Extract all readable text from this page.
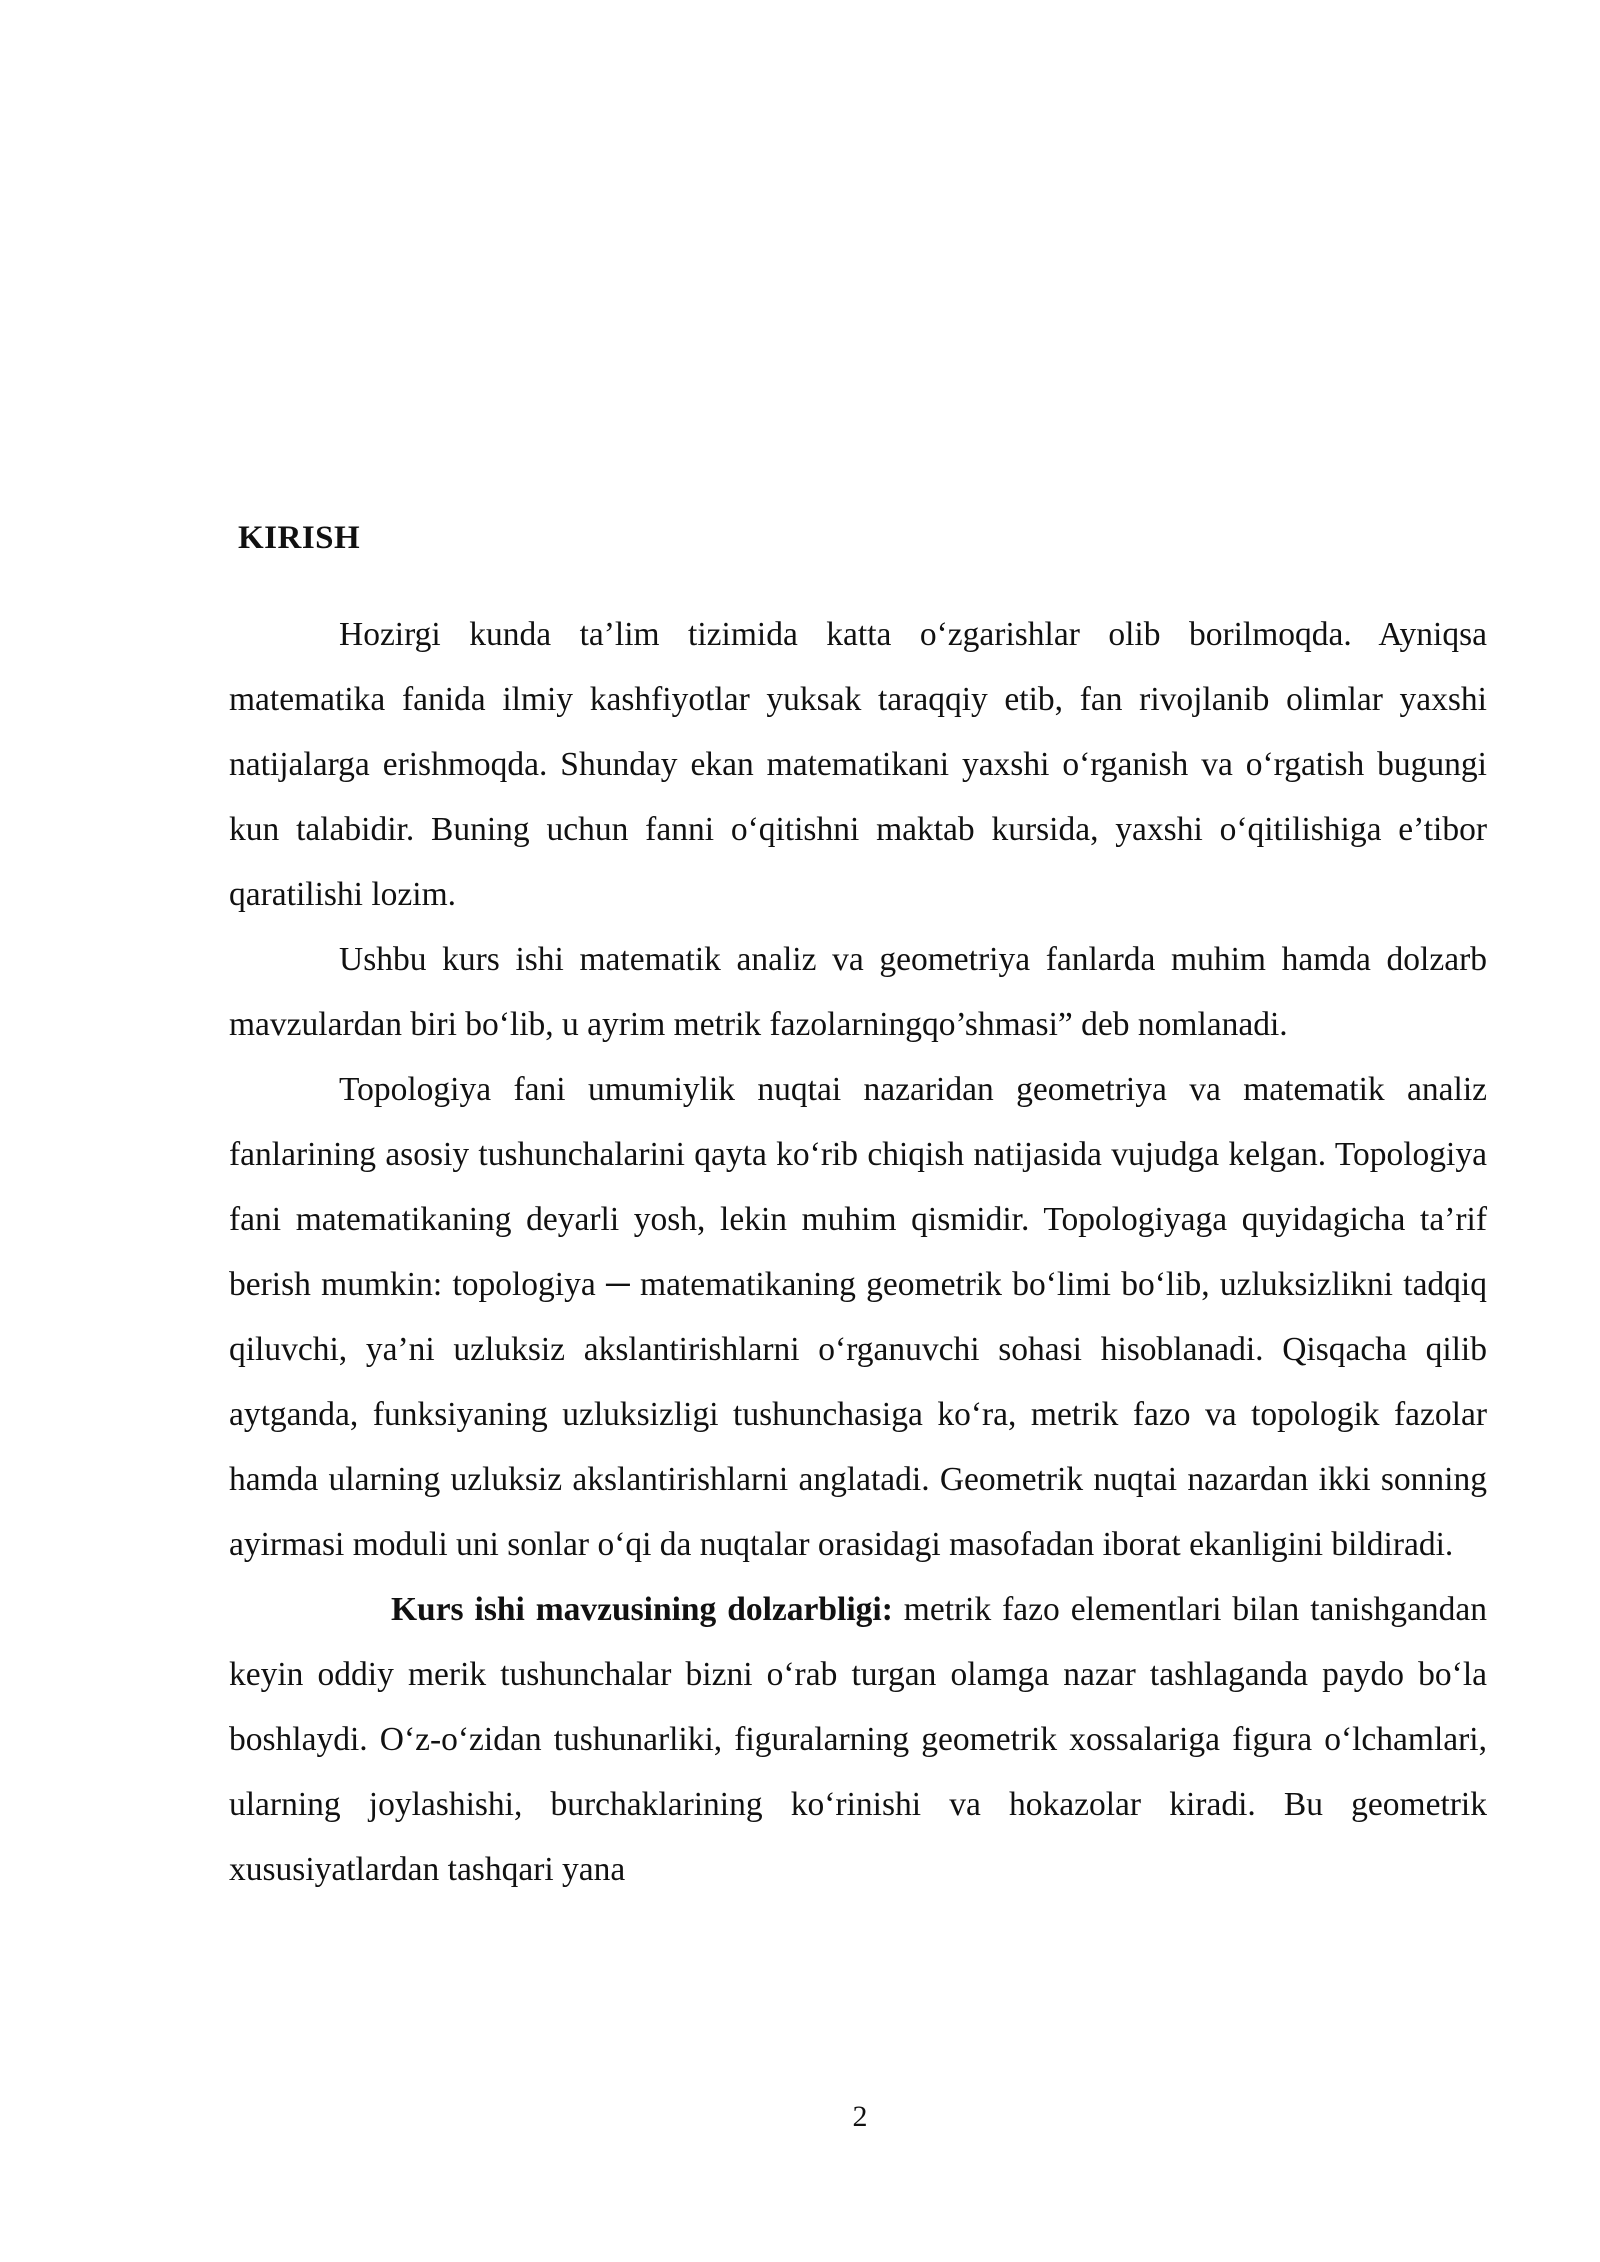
KIRISH

Hozirgi kunda ta’lim tizimida katta o‘zgarishlar olib borilmoqda. Ayniqsa matematika fanida ilmiy kashfiyotlar yuksak taraqqiy etib, fan rivojlanib olimlar yaxshi natijalarga erishmoqda. Shunday ekan matematikani yaxshi o‘rganish va o‘rgatish bugungi kun talabidir. Buning uchun fanni o‘qitishni maktab kursida, yaxshi o‘qitilishiga e’tibor qaratilishi lozim.

Ushbu kurs ishi matematik analiz va geometriya fanlarda muhim hamda dolzarb mavzulardan biri bo‘lib, u ayrim metrik fazolarningqo’shmasi” deb nomlanadi.

Topologiya fani umumiylik nuqtai nazaridan geometriya va matematik analiz fanlarining asosiy tushunchalarini qayta ko‘rib chiqish natijasida vujudga kelgan. Topologiya fani matematikaning deyarli yosh, lekin muhim qismidir. Topologiyaga quyidagicha ta’rif berish mumkin: topologiya ─ matematikaning geometrik bo‘limi bo‘lib, uzluksizlikni tadqiq qiluvchi, ya’ni uzluksiz akslantirishlarni o‘rganuvchi sohasi hisoblanadi. Qisqacha qilib aytganda, funksiyaning uzluksizligi tushunchasiga ko‘ra, metrik fazo va topologik fazolar hamda ularning uzluksiz akslantirishlarni anglatadi. Geometrik nuqtai nazardan ikki sonning ayirmasi moduli uni sonlar o‘qi da nuqtalar orasidagi masofadan iborat ekanligini bildiradi.

Kurs ishi mavzusining dolzarbligi: metrik fazo elementlari bilan tanishgandan keyin oddiy merik tushunchalar bizni o‘rab turgan olamga nazar tashlaganda paydo bo‘la boshlaydi. O‘z-o‘zidan tushunarliki, figuralarning geometrik xossalariga figura o‘lchamlari, ularning joylashishi, burchaklarining ko‘rinishi va hokazolar kiradi. Bu geometrik xususiyatlardan tashqari yana

2
